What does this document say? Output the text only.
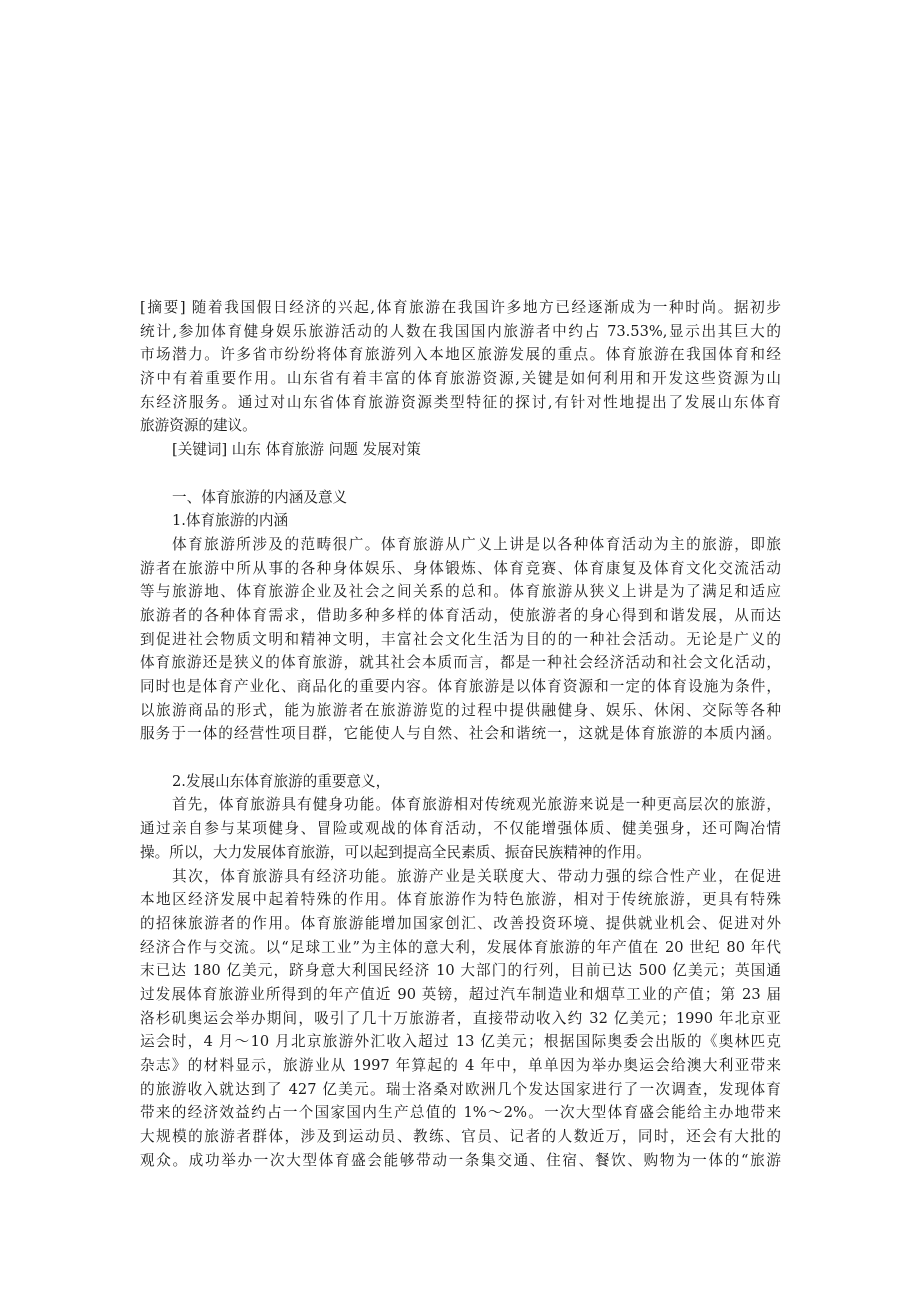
[摘要] 随着我国假日经济的兴起,体育旅游在我国许多地方已经逐渐成为一种时尚。据初步
统计,参加体育健身娱乐旅游活动的人数在我国国内旅游者中约占 73.53%,显示出其巨大的
市场潜力。许多省市纷纷将体育旅游列入本地区旅游发展的重点。体育旅游在我国体育和经
济中有着重要作用。山东省有着丰富的体育旅游资源,关键是如何利用和开发这些资源为山
东经济服务。通过对山东省体育旅游资源类型特征的探讨,有针对性地提出了发展山东体育
旅游资源的建议。
[关键词] 山东 体育旅游 问题 发展对策
一、体育旅游的内涵及意义
1.体育旅游的内涵
体育旅游所涉及的范畴很广。体育旅游从广义上讲是以各种体育活动为主的旅游，即旅
游者在旅游中所从事的各种身体娱乐、身体锻炼、体育竞赛、体育康复及体育文化交流活动
等与旅游地、体育旅游企业及社会之间关系的总和。体育旅游从狭义上讲是为了满足和适应
旅游者的各种体育需求，借助多种多样的体育活动，使旅游者的身心得到和谐发展，从而达
到促进社会物质文明和精神文明，丰富社会文化生活为目的的一种社会活动。无论是广义的
体育旅游还是狭义的体育旅游，就其社会本质而言，都是一种社会经济活动和社会文化活动，
同时也是体育产业化、商品化的重要内容。体育旅游是以体育资源和一定的体育设施为条件，
以旅游商品的形式，能为旅游者在旅游游览的过程中提供融健身、娱乐、休闲、交际等各种
服务于一体的经营性项目群，它能使人与自然、社会和谐统一，这就是体育旅游的本质内涵。
2.发展山东体育旅游的重要意义，
首先，体育旅游具有健身功能。体育旅游相对传统观光旅游来说是一种更高层次的旅游，
通过亲自参与某项健身、冒险或观战的体育活动，不仅能增强体质、健美强身，还可陶冶情
操。所以，大力发展体育旅游，可以起到提高全民素质、振奋民族精神的作用。
其次，体育旅游具有经济功能。旅游产业是关联度大、带动力强的综合性产业，在促进
本地区经济发展中起着特殊的作用。体育旅游作为特色旅游，相对于传统旅游，更具有特殊
的招徕旅游者的作用。体育旅游能增加国家创汇、改善投资环境、提供就业机会、促进对外
经济合作与交流。以“足球工业”为主体的意大利，发展体育旅游的年产值在 20 世纪 80 年代
末已达 180 亿美元，跻身意大利国民经济 10 大部门的行列，目前已达 500 亿美元；英国通
过发展体育旅游业所得到的年产值近 90 英镑，超过汽车制造业和烟草工业的产值；第 23 届
洛杉矶奥运会举办期间，吸引了几十万旅游者，直接带动收入约 32 亿美元；1990 年北京亚
运会时，4 月～10 月北京旅游外汇收入超过 13 亿美元；根据国际奥委会出版的《奥林匹克
杂志》的材料显示，旅游业从 1997 年算起的 4 年中，单单因为举办奥运会给澳大利亚带来
的旅游收入就达到了 427 亿美元。瑞士洛桑对欧洲几个发达国家进行了一次调查，发现体育
带来的经济效益约占一个国家国内生产总值的 1%～2%。一次大型体育盛会能给主办地带来
大规模的旅游者群体，涉及到运动员、教练、官员、记者的人数近万，同时，还会有大批的
观众。成功举办一次大型体育盛会能够带动一条集交通、住宿、餐饮、购物为一体的“旅游
